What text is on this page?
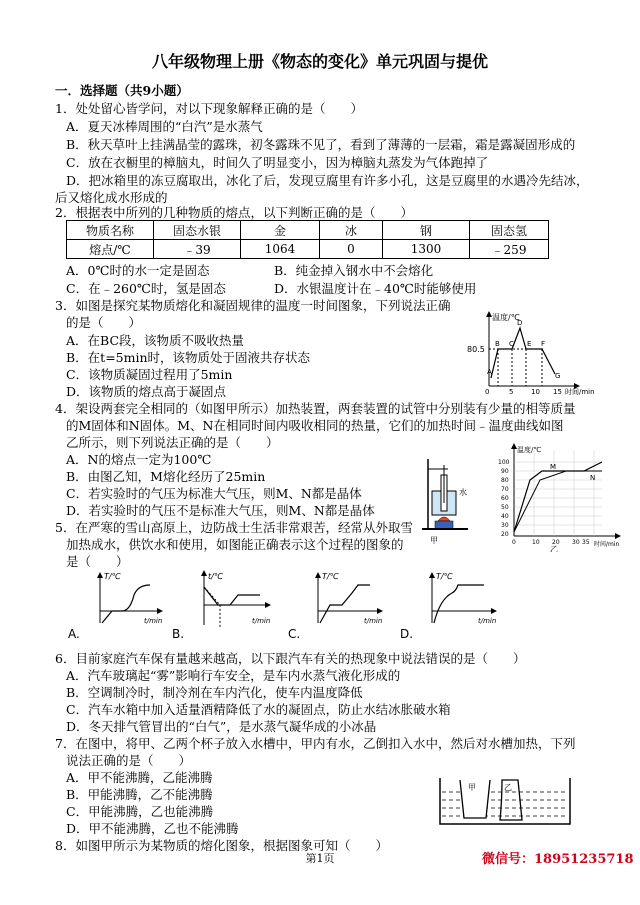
八年级物理上册《物态的变化》单元巩固与提优
一．选择题（共9小题）
1．处处留心皆学问，对以下现象解释正确的是（　　）
A．夏天冰棒周围的“白汽”是水蒸气
B．秋天草叶上挂满晶莹的露珠，初冬露珠不见了，看到了薄薄的一层霜，霜是露凝固形成的
C．放在衣橱里的樟脑丸，时间久了明显变小，因为樟脑丸蒸发为气体跑掉了
D．把冰箱里的冻豆腐取出，冰化了后，发现豆腐里有许多小孔，这是豆腐里的水遇冷先结冰，
后又熔化成水形成的
2．根据表中所列的几种物质的熔点，以下判断正确的是（　　）
物质名称	固态水银	金	冰	钢	固态氢
熔点/℃	﹣39	1064	0	1300	﹣259
A．0℃时的水一定是固态	B．纯金掉入钢水中不会熔化
C．在﹣260℃时，氢是固态	D．水银温度计在﹣40℃时能够使用
3．如图是探究某物质熔化和凝固规律的温度一时间图象，下列说法正确
的是（　　）
A．在BC段，该物质不吸收热量
B．在t=5min时，该物质处于固液共存状态
C．该物质凝固过程用了5min
D．该物质的熔点高于凝固点
温度/℃
时间/min
80.5
0	5	10 15
A
B C
D
E F
G
4．架设两套完全相同的（如图甲所示）加热装置，两套装置的试管中分别装有少量的相等质量
的M固体和N固体。M、N在相同时间内吸收相同的热量，它们的加热时间﹣温度曲线如图
乙所示，则下列说法正确的是（　　）
A．N的熔点一定为100℃
B．由图乙知，M熔化经历了25min
C．若实验时的气压为标准大气压，则M、N都是晶体
D．若实验时的气压不是标准大气压，则M、N都是晶体
水
甲
温度/℃
时间/min
100
90
80
70
60
50
40
30
20
0	10 20 30 35
M
N
乙
5．在严寒的雪山高原上，边防战士生活非常艰苦，经常从外取雪
加热成水，供饮水和使用，如图能正确表示这个过程的图象的
是（　　）
T/℃
t/min
A.
t/℃
t/min
B.
T/℃
t/min
C.
T/℃
t/min
D.
6．目前家庭汽车保有量越来越高，以下跟汽车有关的热现象中说法错误的是（　　）
A．汽车玻璃起“雾”影响行车安全，是车内水蒸气液化形成的
B．空调制冷时，制冷剂在车内汽化，使车内温度降低
C．汽车水箱中加入适量酒精降低了水的凝固点，防止水结冰胀破水箱
D．冬天排气管冒出的“白气”，是水蒸气凝华成的小冰晶
7．在图中，将甲、乙两个杯子放入水槽中，甲内有水，乙倒扣入水中，然后对水槽加热，下列
说法正确的是（　　）
A．甲不能沸腾，乙能沸腾
B．甲能沸腾，乙不能沸腾
C．甲能沸腾，乙也能沸腾
D．甲不能沸腾，乙也不能沸腾
甲	乙
8．如图甲所示为某物质的熔化图象，根据图象可知（　　）
第1页	微信号：18951235718
